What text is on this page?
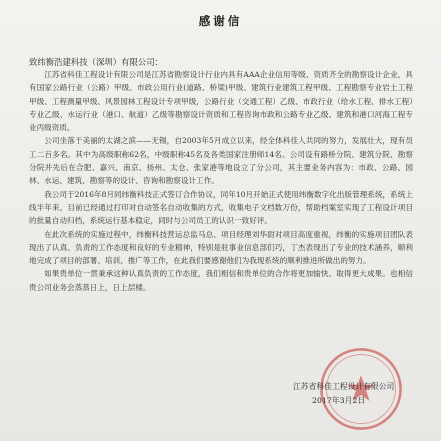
感谢信
致纬衡浩建科技（深圳）有限公司：

江苏省科佳工程设计有限公司是江苏省勘察设计行业内具有AAA企业信用等级、资质齐全的勘察设计企业，具有国家公路行业（公路）甲级、市政公用行业(道路、桥梁)甲级、建筑行业建筑工程甲级、工程勘察专业岩土工程甲级、工程测量甲级、风景园林工程设计专项甲级，公路行业（交通工程）乙级、市政行业（给水工程、排水工程）专业乙级、水运行业（港口、航道）乙级等勘察设计资质和工程咨询市政和公路专业乙级、建筑和港口河海工程专业丙级资质。

公司坐落于美丽的太湖之滨——无锡，自2003年5月成立以来，经全体科佳人共同的努力，发展壮大，现有员工二百多名。其中为高级职称62名，中级职称45名及各类国家注册师14名。公司设有路桥分院、建筑分院、勘察分院并先后在合肥、嘉兴、南京、扬州、太仓、张家港等地设立了分公司，其主要业务内容为：市政、公路、园林、水运、建筑、勘察等的设计、咨询和勘察设计工作。

我公司于2016年8月同纬衡科技正式签订合作协议，同年10月开始正式使用纬衡数字化出版管理系统，系统上线半年来，目前已经通过打印对自动签名自动收集的方式，收集电子文档数万份，帮助档案室实现了工程设计项目的批量自动归档，系统运行基本稳定，同时与公司员工的认识一致好评。

在此次系统的实施过程中，纬衡科技营运总监马总、项目经理刘华尉对项目高度重视，纬衡的实施项目团队表现出了认真、负责的工作态度和良好的专业精神，特别是驻事业信息部们巧，丁杰表现出了专业的技术涵养，顺利地完成了项目的部署、培训、推广等工作，在此我们要感谢他们为我现系统的顺利推进所做出的努力。

如果贵单位一贯秉承这种认真负责的工作态度，我们相信和贵单位的合作将更加愉快、取得更大成果。也相信贵公司业务会蒸蒸日上，日上层楼。

江苏省科佳工程设计有限公司
2017年3月2日
